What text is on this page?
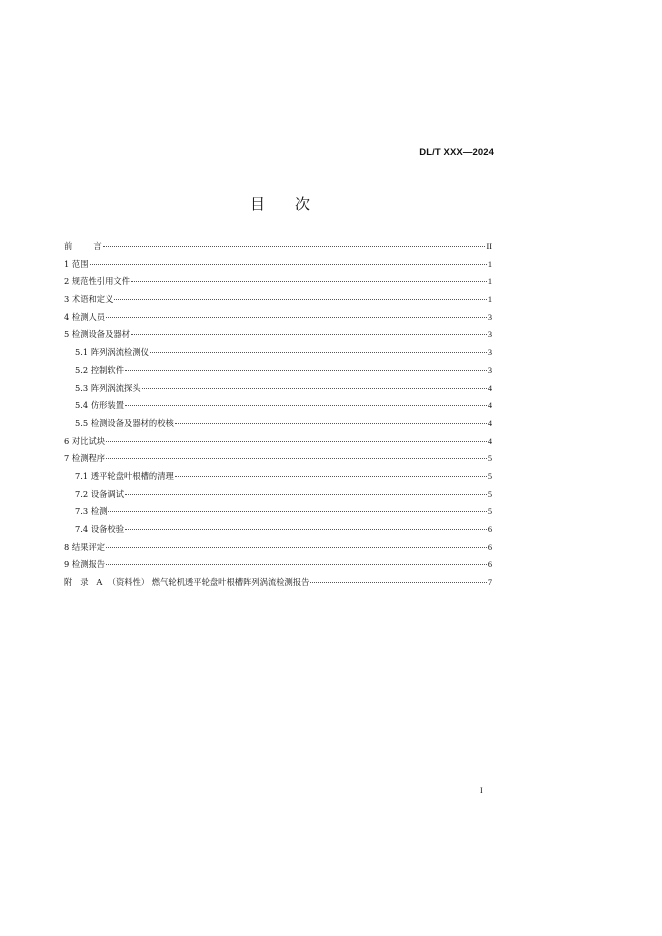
DL/T XXX—2024
目 次
前        言	II
1 范围	1
2 规范性引用文件	1
3 术语和定义	1
4 检测人员	3
5 检测设备及器材	3
5.1 阵列涡流检测仪	3
5.2 控制软件	3
5.3 阵列涡流探头	4
5.4 仿形装置	4
5.5 检测设备及器材的校核	4
6 对比试块	4
7 检测程序	5
7.1 透平轮盘叶根槽的清理	5
7.2 设备调试	5
7.3 检测	5
7.4 设备校验	6
8 结果评定	6
9 检测报告	6
附   录   A  （资料性） 燃气轮机透平轮盘叶根槽阵列涡流检测报告	7
I
